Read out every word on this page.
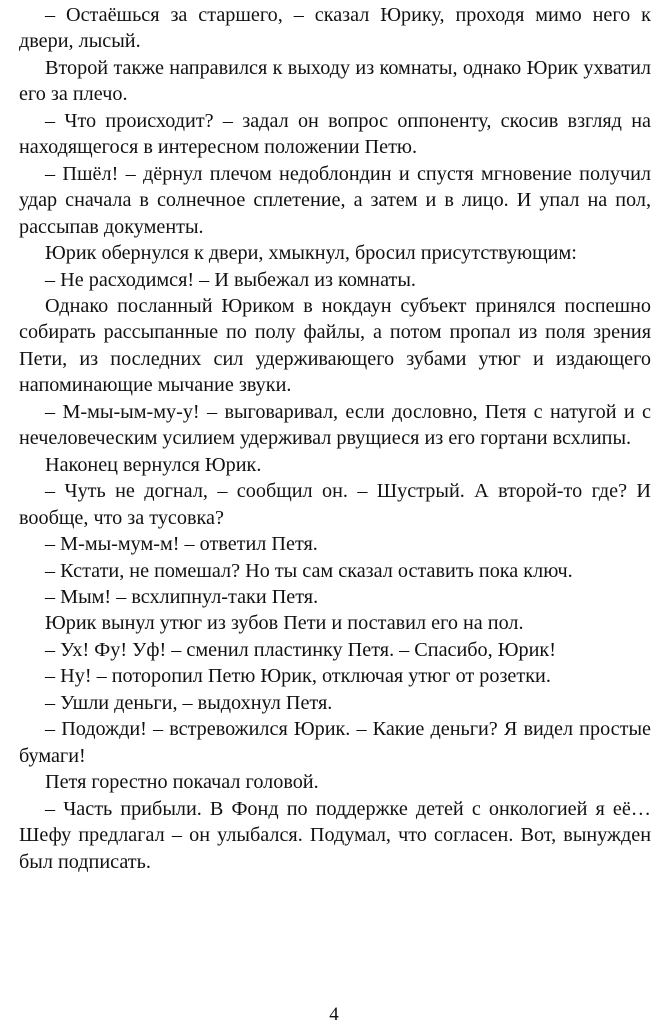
– Остаёшься за старшего, – сказал Юрику, проходя мимо него к двери, лысый.

Второй также направился к выходу из комнаты, однако Юрик ухватил его за плечо.

– Что происходит? – задал он вопрос оппоненту, скосив взгляд на находящегося в интересном положении Петю.

– Пшёл! – дёрнул плечом недоблондин и спустя мгновение получил удар сначала в солнечное сплетение, а затем и в лицо. И упал на пол, рассыпав документы.

Юрик обернулся к двери, хмыкнул, бросил присутствующим:

– Не расходимся! – И выбежал из комнаты.

Однако посланный Юриком в нокдаун субъект принялся поспешно собирать рассыпанные по полу файлы, а потом пропал из поля зрения Пети, из последних сил удерживающего зубами утюг и издающего напоминающие мычание звуки.

– М-мы-ым-му-у! – выговаривал, если дословно, Петя с натугой и с нечеловеческим усилием удерживал рвущиеся из его гортани всхлипы.

Наконец вернулся Юрик.

– Чуть не догнал, – сообщил он. – Шустрый. А второй-то где? И вообще, что за тусовка?

– М-мы-мум-м! – ответил Петя.

– Кстати, не помешал? Но ты сам сказал оставить пока ключ.

– Мым! – всхлипнул-таки Петя.

Юрик вынул утюг из зубов Пети и поставил его на пол.

– Ух! Фу! Уф! – сменил пластинку Петя. – Спасибо, Юрик!

– Ну! – поторопил Петю Юрик, отключая утюг от розетки.

– Ушли деньги, – выдохнул Петя.

– Подожди! – встревожился Юрик. – Какие деньги? Я видел простые бумаги!

Петя горестно покачал головой.

– Часть прибыли. В Фонд по поддержке детей с онкологией я её… Шефу предлагал – он улыбался. Подумал, что согласен. Вот, вынужден был подписать.

4
